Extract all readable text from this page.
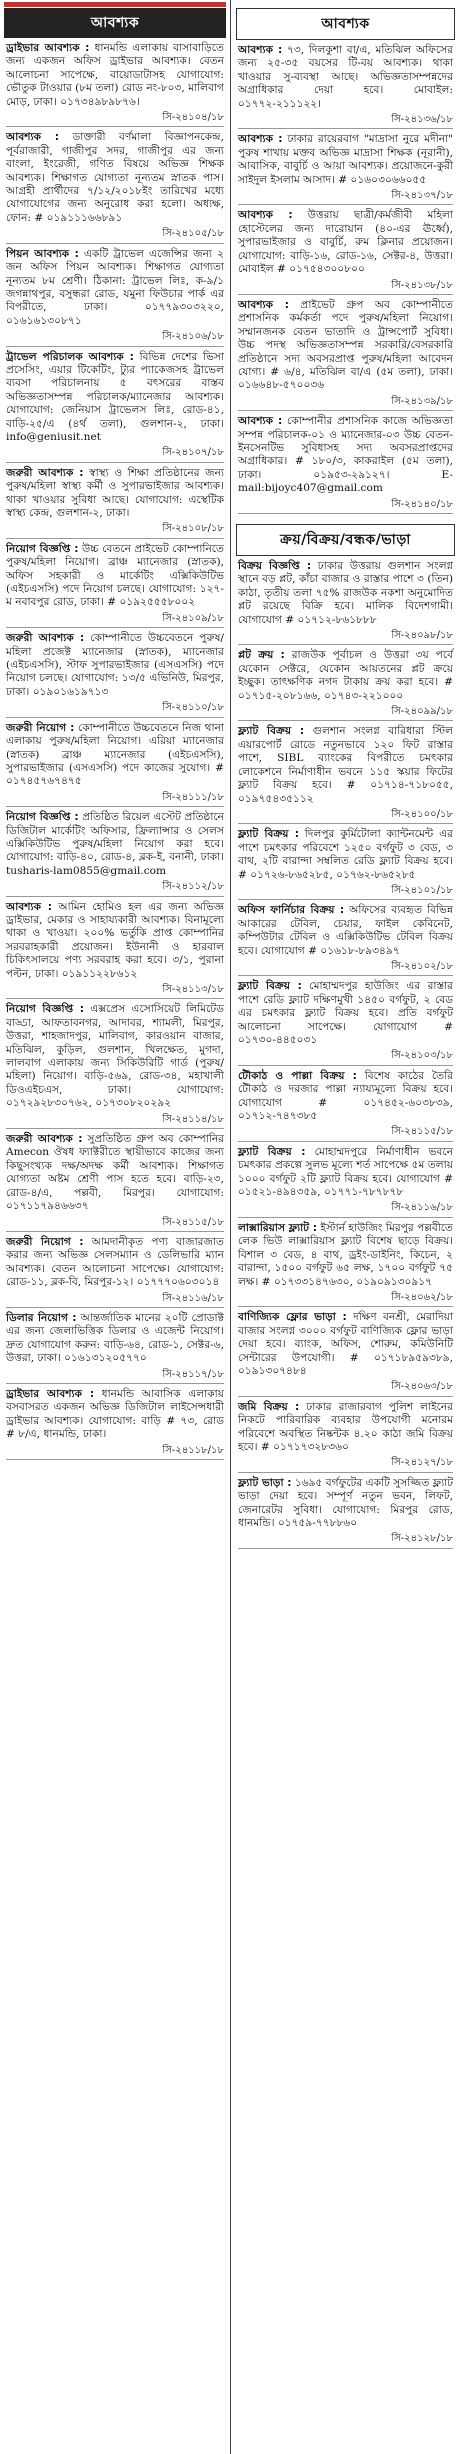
আবশ্যক
ড্রাইভার আবশ্যক : ধানমন্ডি এলাকায় বাসাবাড়িতে জন্য একজন অফিস ড্রাইভার আবশ্যক। বেতন আলোচনা সাপেক্ষে, বায়োডাটাসহ যোগাযোগ: ভৌতুক টাওয়ার (৮ম তলা) রোড নং-৮০৩, মালিবাগ মোড়, ঢাকা। ০১৭৩৪৯৮৯৮৭৬।
সি-২৪১০৪/১৮
আবশ্যক : ডাক্তারী বর্ণমালা বিজ্ঞাপনকেন্দ্র, পূর্বরাজারী, গাজীপুর সদর, গাজীপুর এর জন্য বাংলা, ইংরেজী, গণিত বিষয়ে অভিজ্ঞ শিক্ষক আবশ্যক। শিক্ষাগত যোগ্যতা নূন্যতম স্নাতক পাস। আগ্রহী প্রার্থীদের ৭/১২/২০১৮ইং তারিখের মধ্যে যোগাযোগের জন্য অনুরোধ করা হলো। অধ্যক্ষ, ফোন: # ০১৯১১১৬৬৮৯১
সি-২৪১০৫/১৮
পিয়ন আবশ্যক : একটি ট্রাভেল এজেন্সির জন্য ২ জন অফিস পিয়ন আবশ্যক। শিক্ষাগত যোগ্যতা নূন্যতম ৮ম শ্রেণী। ঠিকানা: ট্রাভেল লিঃ, ক-৯/১ জগন্নাথপুর, বসুন্ধরা রোড, যমুনা ফিউচার পার্ক এর বিপরীতে, ঢাকা। ০১৭৭৯৩০৩২২০, ০১৬১৬১৩০৮৭১
সি-২৪১০৬/১৮
ট্রাভেল পরিচালক আবশ্যক : বিভিন্ন দেশের ভিসা প্রসেসিং, এয়ার টিকেটিং, ট্যুর প্যাকেজসহ ট্রাভেল ব্যবসা পরিচালনায় ৫ বৎসরের বাস্তব অভিজ্ঞতাসম্পন্ন পরিচালক/ম্যানেজার আবশ্যক। যোগাযোগ: জেনিয়াস ট্রাভেলস লিঃ, রোড-৪১, বাড়ি-২৫/এ (৪র্থ তলা), গুলশান-২, ঢাকা। info@geniusit.net
সি-২৪১০৭/১৮
জরুরী আবশ্যক : স্বাস্থ্য ও শিক্ষা প্রতিষ্ঠানের জন্য পুরুষ/মহিলা স্বাস্থ্য কর্মী ও সুপারভাইজার আবশ্যক। থাকা খাওয়ার সুবিধা আছে। যোগাযোগ: এস্থেটিক স্বাস্থ্য কেন্দ্র, গুলশান-২, ঢাকা।
সি-২৪১০৮/১৮
নিয়োগ বিজ্ঞপ্তি : উচ্চ বেতনে প্রাইভেট কোম্পানিতে পুরুষ/মহিলা নিয়োগ। ব্রাঞ্চ ম্যানেজার (স্নাতক), অফিস সহকারী ও মার্কেটিং এক্সিকিউটিভ (এইচএসসি) পদে নিয়োগ চলছে। যোগাযোগ: ১২৭-ম নবাবপুর রোড, ঢাকা। # ০১৯২৫৫৫৮০০২
সি-২৪১০৯/১৮
জরুরী আবশ্যক : কোম্পানীতে উচ্চবেতনে পুরুষ/মহিলা প্রজেক্ট ম্যানেজার (স্নাতক), ম্যানেজার (এইচএসসি), স্টাফ সুপারভাইজার (এসএসসি) পদে নিয়োগ চলছে। যোগাযোগ: ১৩/৫ এভিনিউ, মিরপুর, ঢাকা। ০১৯০১৬১৯৭১৩
সি-২৪১১০/১৮
জরুরী নিয়োগ : কোম্পানীতে উচ্চবেতনে নিজ থানা এলাকায় পুরুষ/মহিলা নিয়োগ। এরিয়া ম্যানেজার (স্নাতক) ব্রাঞ্চ ম্যানেজার (এইচএসসি), সুপারভাইজার (এসএসসি) পদে কাজের সুযোগ। # ০১৭৪৫৭৬৭৪৭৫
সি-২৪১১১/১৮
নিয়োগ বিজ্ঞপ্তি : প্রতিষ্ঠিত রিয়েল এস্টেট প্রতিষ্ঠানে ডিজিটাল মার্কেটিং অফিসার, ফ্রিল্যান্সার ও সেলস এক্সিকিউটিভ পুরুষ/মহিলা নিয়োগ করা হবে। যোগাযোগ: বাড়ি-৪০, রোড-৪, ব্লক-ই, বনানী, ঢাকা। tusharis-lam0855@gmail.com
সি-২৪১১২/১৮
আবশ্যক : আমিন হোমিও হল এর জন্য অভিজ্ঞ ড্রাইভার, মেকার ও সাহায্যকারী আবশ্যক। বিনামূল্যে থাকা ও খাওয়া। ২০০% ভর্তুকি প্রাপ্ত কোম্পানির সরবরাহকারী প্রয়োজন। ইউনানী ও হারবাল চিকিৎসালয়ে পণ্য সরবরাহ করা হবে। ৩/১, পুরানা পল্টন, ঢাকা। ০১৯১১২২৮৬১২
সি-২৪১১৩/১৮
নিয়োগ বিজ্ঞপ্তি : এক্সপ্রেস এসোসিয়েট লিমিটেড বাড্ডা, আফতাবনগর, আদাবর, শ্যামলী, মিরপুর, উত্তরা, শাহজাদপুর, মালিবাগ, কারওয়ান বাজার, মতিঝিল, কুড়িল, গুলশান, খিলক্ষেত, মুগদা, লালবাগ এলাকায় জন্য সিকিউরিটি গার্ড (পুরুষ/মহিলা) নিয়োগ। বাড়ি-৫৬৯, রোড-৩৪, মহাখালী ডিওএইচএস, ঢাকা। যোগাযোগ: ০১৭২৯২৮৩০৭৬২, ০১৭৩০৮২০২৯২
সি-২৪১১৪/১৮
জরুরী আবশ্যক : সুপ্রতিষ্ঠিত গ্রুপ অব কোম্পানির Amecon ঔষধ ফ্যাক্টরীতে স্থায়ীভাবে কাজের জন্য কিছুসংখ্যক দক্ষ/অদক্ষ কর্মী আবশ্যক। শিক্ষাগত যোগ্যতা অষ্টম শ্রেণী পাস হতে হবে। বাড়ি-২৩, রোড-৪/এ, পল্লবী, মিরপুর। যোগাযোগ: ০১৭১১৭৯৪৬৬৩৭
সি-২৪১১৫/১৮
জরুরী নিয়োগ : আমদানীকৃত পণ্য বাজারজাত করার জন্য অভিজ্ঞ সেলসম্যান ও ডেলিভারি ম্যান আবশ্যক। বেতন আলোচনা সাপেক্ষে। যোগাযোগ: রোড-১১, ব্লক-বি, মিরপুর-১২। ০১৭৭৭০৬০৩০১৪
সি-২৪১১৬/১৮
ডিলার নিয়োগ : আন্তর্জাতিক মানের ২০টি প্রোডাক্ট এর জন্য জেলাভিত্তিক ডিলার ও এজেন্ট নিয়োগ। দ্রুত যোগাযোগ করুন: বাড়ি-৬৪, রোড-১, সেক্টর-৬, উত্তরা, ঢাকা। ০১৬১৩১২০৫৭৭০
সি-২৪১১৭/১৮
ড্রাইভার আবশ্যক : ধানমন্ডি আবাসিক এলাকায় বসবাসরত একজন অভিজ্ঞ ডিজিটাল লাইসেন্সধারী ড্রাইভার আবশ্যক। যোগাযোগ: বাড়ি # ৭৩, রোড # ৮/এ, ধানমন্ডি, ঢাকা।
সি-২৪১১৮/১৮
আবশ্যক
আবশ্যক : ৭৩, দিলকুশা বা/এ, মতিঝিল অফিসের জন্য ২৫-৩৫ বয়সের টি-বয় আবশ্যক। থাকা খাওয়ার সু-ব্যবস্থা আছে। অভিজ্ঞতাসম্পন্নদের অগ্রাধিকার দেয়া হবে। মোবাইল: ০১৭৭২-২১১১২২।
সি-২৪১৩৬/১৮
আবশ্যক : ঢাকার রায়েরবাগ "মাদ্রাসা নুরে মদীনা" পুরুষ শাখায় মক্তব অভিজ্ঞ মাদ্রাসা শিক্ষক (নূরানী), আবাসিক, বাবুর্চি ও আয়া আবশ্যক। প্রয়োজনে-কুরী সাইদুল ইসলাম আসাদ। # ০১৬০৩০৬৬০৫৫
সি-২৪১৩৭/১৮
আবশ্যক : উত্তরায় ছাত্রী/কর্মজীবী মহিলা হোস্টেলের জন্য দারোয়ান (৪০-এর ঊর্ধ্বে), সুপারভাইজার ও বাবুর্চি, রুম ক্লিনার প্রয়োজন। যোগাযোগ: বাড়ি-১৬, রোড-১৬, সেক্টর-৪, উত্তরা। মোবাইল # ০১৭৫৪৩০০৮০০
সি-২৪১৩৮/১৮
আবশ্যক : প্রাইভেট গ্রুপ অব কোম্পানীতে প্রশাসনিক কর্মকর্তা পদে পুরুষ/মহিলা নিয়োগ। সম্মানজনক বেতন ভাতাদি ও ট্রান্সপোর্ট সুবিধা। উচ্চ পদস্থ অভিজ্ঞতাসম্পন্ন সরকারি/বেসরকারি প্রতিষ্ঠানে সদ্য অবসরপ্রাপ্ত পুরুষ/মহিলা আবেদন যোগ্য। # ৬/৪, মতিঝিল বা/এ (৫ম তলা), ঢাকা। ০১৬৬৪৮-৫৭০০৩৬
সি-২৪১৩৯/১৮
আবশ্যক : কোম্পানীর প্রশাসনিক কাজে অভিজ্ঞতা সম্পন্ন পরিচালক-০১ ও ম্যানেজার-০৩ উচ্চ বেতন-ইনসেনটিভ সুবিধাসহ সদ্য অবসরপ্রাপ্তদের অগ্রাধিকার। # ১৮০/৩, কাকরাইল (৫ম তলা), ঢাকা। ০১৯৫৩-২৯১২৭। E-mail:bijoyc407@gmail.com
সি-২৪১৪০/১৮
ক্রয়/বিক্রয়/বন্ধক/ভাড়া
বিক্রয় বিজ্ঞপ্তি : ঢাকার উত্তরায় গুলশান সংলগ্ন স্থানে বড় প্লট, কাঁচা বাজার ও রাস্তার পাশে ৩ (তিন) কাঠা, তৃতীয় তলা ৭৫% রাজউক নকশা অনুমোদিত প্লট রয়েছে বিক্রি হবে। মালিক বিদেশগামী। যোগাযোগ # ০১৭১২-৮৬১৮৮৮
সি-২৪০৯৮/১৮
প্লট ক্রয় : রাজউক পূর্বাচল ও উত্তরা ৩য় পর্বে যেকোন সেক্টরে, যেকোন আয়তনের প্লট ক্রয়ে ইচ্ছুক। তাৎক্ষণিক নগদ টাকায় ক্রয় করা হবে। # ০১৭১৫-২০৮১৬৬, ০১৭৪৩-২২১০০০
সি-২৪০৯৯/১৮
ফ্ল্যাট বিক্রয় : গুলশান সংলগ্ন বারিধারা স্টিল এয়ারপোর্ট রোডে নতুনভাবে ১২০ ফিট রাস্তার পাশে, SIBL ব্যাংকের বিপরীতে চমৎকার লোকেশনে নির্মাণাধীন ভবনে ১১৫ স্কয়ার ফিটের ফ্ল্যাট বিক্রয় হবে। # ০১৭১৪-৭১৮০৫৫, ০১৯৭৫৪৩৫১১২
সি-২৪১০০/১৮
ফ্ল্যাট বিক্রয় : দিলপুর কুর্মিটোলা ক্যান্টনমেন্ট এর পাশে চমৎকার পরিবেশে ১২৫০ বর্গফুট ৩ বেড, ৩ বাথ, ২টি বারান্দা সম্বলিত রেডি ফ্ল্যাট বিক্রয় হবে। # ০১৭২৬-৮৬৫২৮৫, ০১৭৬২-৮৬৫২৮৫
সি-২৪১০১/১৮
অফিস ফার্নিচার বিক্রয় : অফিসের ব্যবহৃত বিভিন্ন আকারের টেবিল, চেয়ার, ফাইল কেবিনেট, কম্পিউটার টেবিল ও এক্সিকিউটিভ টেবিল বিক্রয় হবে। যোগাযোগ # ০১৬১৮-৮৯৩৪৯৭
সি-২৪১০২/১৮
ফ্ল্যাট বিক্রয় : মোহাম্মদপুর হাউজিং এর রাস্তার পাশে রেডি ফ্ল্যাট দক্ষিণমুখী ১৪৫০ বর্গফুট, ২ বেড এর চমৎকার ফ্ল্যাট বিক্রয় হবে। প্রতি বর্গফুট আলোচনা সাপেক্ষে। যোগাযোগ # ০১৭৩০-৪৪৫০৩১
সি-২৪১০৩/১৮
টৌকাঠ ও পাল্লা বিক্রয় : বিশেষ কাঠের তৈরি টৌকাঠ ও দরজার পাল্লা ন্যায্যমূল্যে বিক্রয় হবে। যোগাযোগ # ০১৭৪৫২-৬০৩৮৩৯, ০১৭১২-৭৪৭৩৮৫
সি-২৪১১৫/১৮
ফ্ল্যাট বিক্রয় : মোহাম্মদপুরে নির্মাণাধীন ভবনে চমৎকার প্রকল্পে সুলভ মূল্যে শর্ত সাপেক্ষে ৫ম তলায় ১০০০ বর্গফুট ২টি ফ্ল্যাট বিক্রয় হবে। যোগাযোগ # ০১৫২১-৪৯৪৩৫৯, ০১৭৭১-৭৮৭৮৭৮
সি-২৪১১৬/১৮
লাক্সারিয়াস ফ্ল্যাট : ইস্টার্ন হাউজিং মিরপুর পল্লবীতে লেক ভিউ লাক্সারিয়াস ফ্ল্যাট বিশেষ ছাড়ে বিক্রয়। বিশাল ৩ বেড, ৪ বাথ, ড্রইং-ডাইনিং, কিচেন, ২ বারান্দা, ১৫০০ বর্গফুট ৬৫ লক্ষ, ১৭০০ বর্গফুট ৭৫ লক্ষ। # ০১৭৩৩১৪৭৬৩০, ০১৯০৯১৩০৯১৭
সি-২৪০৬২/১৮
বাণিজ্যিক ফ্লোর ভাড়া : দক্ষিণ বনশ্রী, মেরাদিয়া বাজার সংলগ্ন ৩০০০ বর্গফুট বাণিজ্যিক ফ্লোর ভাড়া দেয়া হবে। ব্যাংক, অফিস, শোরুম, কমিউনিটি সেন্টারের উপযোগী। # ০১৭১৮৯৫৯৩৮৯, ০১৯১৩০৭৪৮৪
সি-২৪০৬৩/১৮
জমি বিক্রয় : ঢাকার রাজারবাগ পুলিশ লাইনের নিকটে পারিবারিক ব্যবহার উপযোগী মনোরম পরিবেশে অবস্থিত নিষ্কন্টক ৪.২০ কাঠা জমি বিক্রয় হবে। # ০১৭১৭৩২৮৩৬০
সি-২৪১২৭/১৮
ফ্ল্যাট ভাড়া : ১৬৯৫ বর্গফুটের একটি সুসজ্জিত ফ্ল্যাট ভাড়া দেয়া হবে। সম্পূর্ণ নতুন ভবন, লিফট, জেনারেটর সুবিধা। যোগাযোগ: মিরপুর রোড, ধানমন্ডি। ০১৭৫৯-৭৭৮৮৬০
সি-২৪১২৮/১৮
